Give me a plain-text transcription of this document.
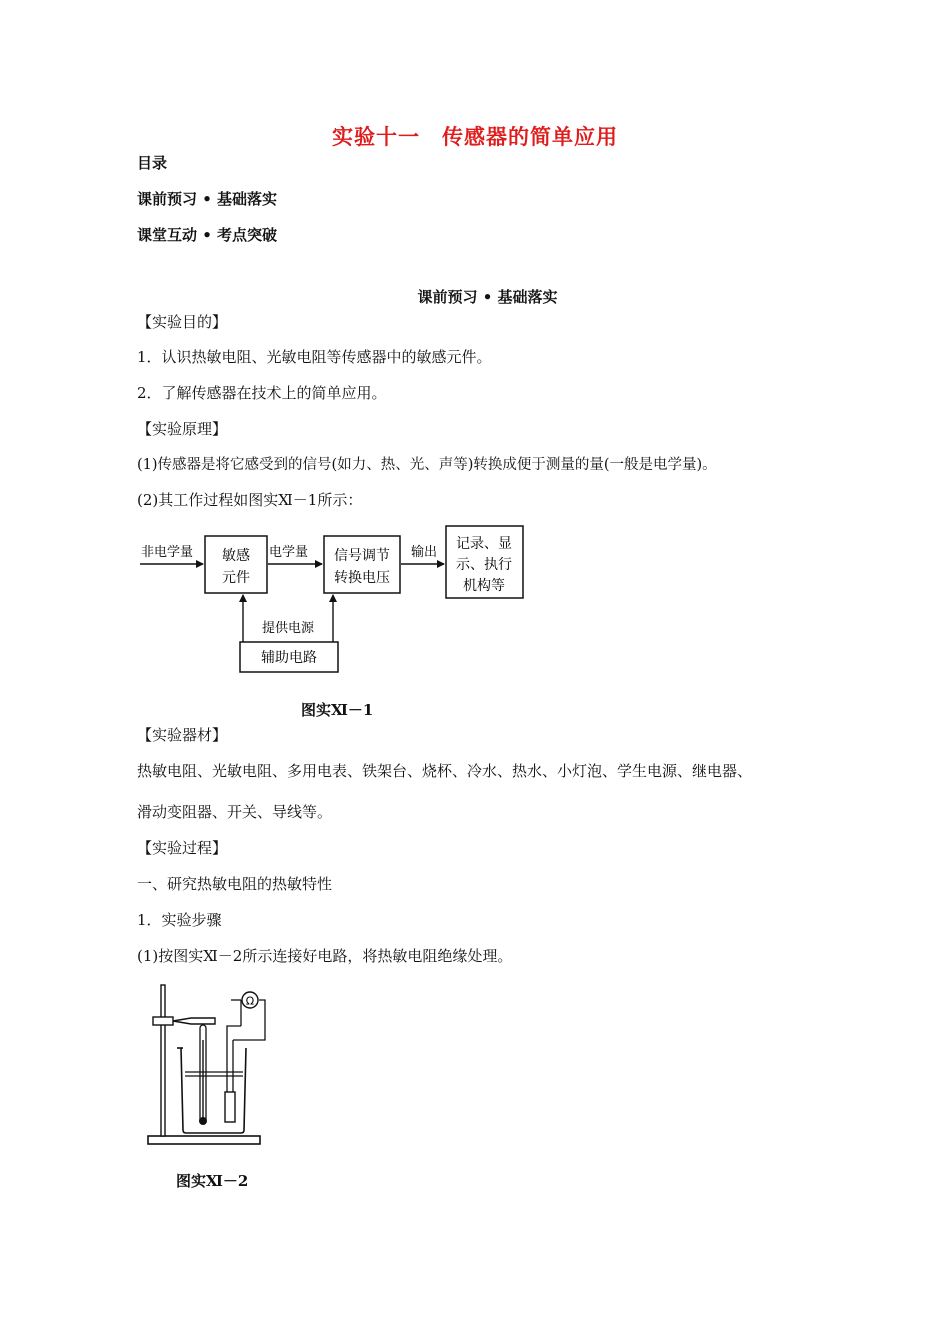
实验十一　传感器的简单应用
目录
课前预习 • 基础落实
课堂互动 • 考点突破
课前预习 • 基础落实
【实验目的】
1．认识热敏电阻、光敏电阻等传感器中的敏感元件。
2．了解传感器在技术上的简单应用。
【实验原理】
(1)传感器是将它感受到的信号(如力、热、光、声等)转换成便于测量的量(一般是电学量)。
(2)其工作过程如图实Ⅺ－1所示：
非电学量 敏感
元件
电学量 信号调节
转换电压
输出
记录、显
示、执行
机构等
提供电源
辅助电路
图实Ⅺ－1
【实验器材】
热敏电阻、光敏电阻、多用电表、铁架台、烧杯、冷水、热水、小灯泡、学生电源、继电器、
滑动变阻器、开关、导线等。
【实验过程】
一、研究热敏电阻的热敏特性
1．实验步骤
(1)按图实Ⅺ－2所示连接好电路，将热敏电阻绝缘处理。
Ω
图实Ⅺ－2
